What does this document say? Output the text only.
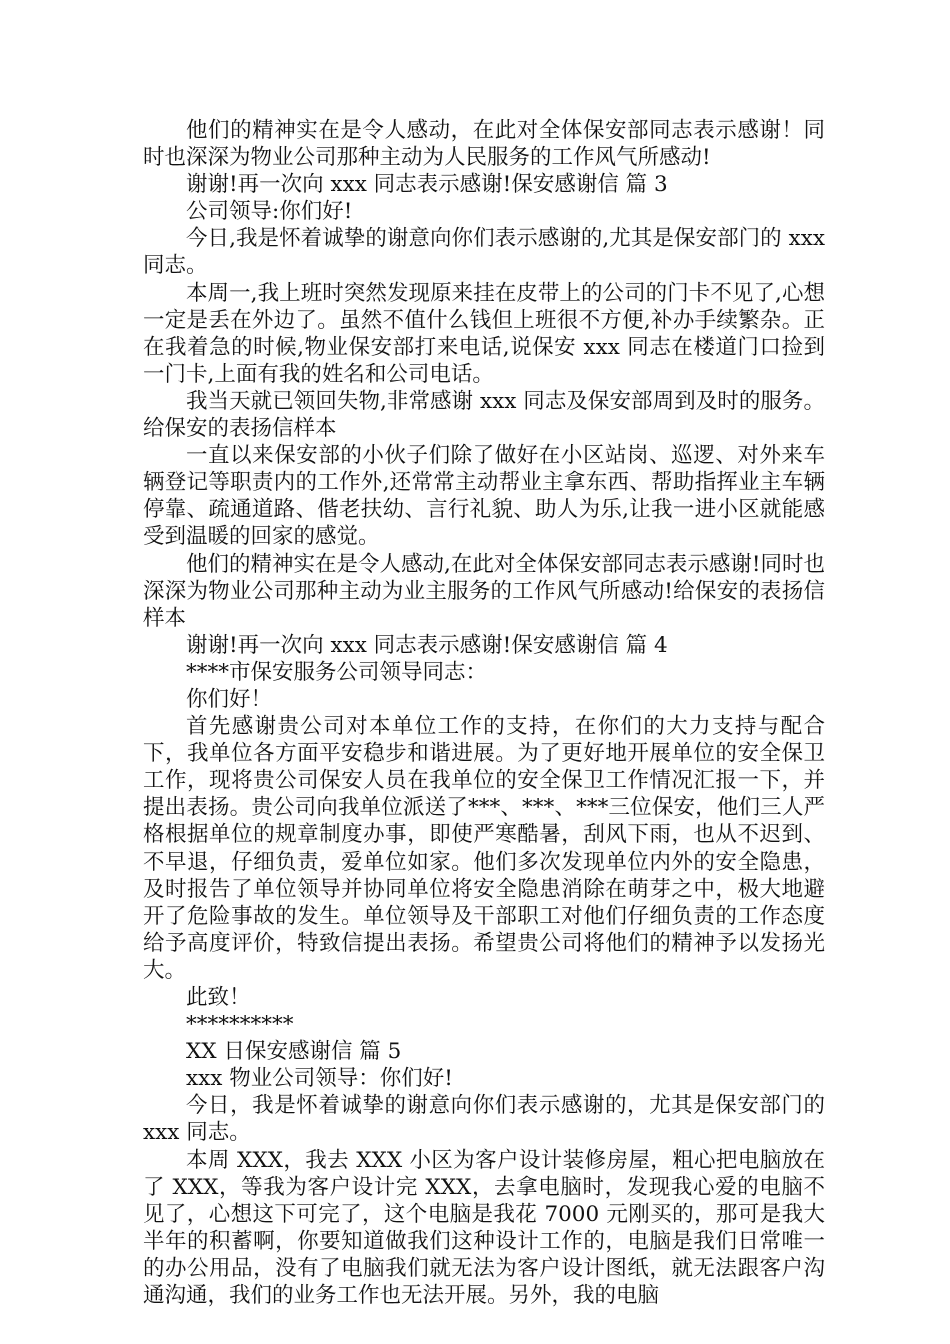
他们的精神实在是令人感动，在此对全体保安部同志表示感谢！同时也深深为物业公司那种主动为人民服务的工作风气所感动!

谢谢!再一次向 xxx 同志表示感谢!保安感谢信 篇 3

公司领导:你们好!

今日,我是怀着诚挚的谢意向你们表示感谢的,尤其是保安部门的 xxx 同志。

本周一,我上班时突然发现原来挂在皮带上的公司的门卡不见了,心想一定是丢在外边了。虽然不值什么钱但上班很不方便,补办手续繁杂。正在我着急的时候,物业保安部打来电话,说保安 xxx 同志在楼道门口捡到一门卡,上面有我的姓名和公司电话。

我当天就已领回失物,非常感谢 xxx 同志及保安部周到及时的服务。给保安的表扬信样本

一直以来保安部的小伙子们除了做好在小区站岗、巡逻、对外来车辆登记等职责内的工作外,还常常主动帮业主拿东西、帮助指挥业主车辆停靠、疏通道路、偕老扶幼、言行礼貌、助人为乐,让我一进小区就能感受到温暖的回家的感觉。

他们的精神实在是令人感动,在此对全体保安部同志表示感谢!同时也深深为物业公司那种主动为业主服务的工作风气所感动!给保安的表扬信样本

谢谢!再一次向 xxx 同志表示感谢!保安感谢信 篇 4

****市保安服务公司领导同志：

你们好！

首先感谢贵公司对本单位工作的支持，在你们的大力支持与配合下，我单位各方面平安稳步和谐进展。为了更好地开展单位的安全保卫工作，现将贵公司保安人员在我单位的安全保卫工作情况汇报一下，并提出表扬。贵公司向我单位派送了***、***、***三位保安，他们三人严格根据单位的规章制度办事，即使严寒酷暑，刮风下雨，也从不迟到、不早退，仔细负责，爱单位如家。他们多次发现单位内外的安全隐患，及时报告了单位领导并协同单位将安全隐患消除在萌芽之中，极大地避开了危险事故的发生。单位领导及干部职工对他们仔细负责的工作态度给予高度评价，特致信提出表扬。希望贵公司将他们的精神予以发扬光大。

此致！

**********

XX 日保安感谢信 篇 5

xxx 物业公司领导：你们好!

今日，我是怀着诚挚的谢意向你们表示感谢的，尤其是保安部门的 xxx 同志。

本周 XXX，我去 XXX 小区为客户设计装修房屋，粗心把电脑放在了 XXX，等我为客户设计完 XXX，去拿电脑时，发现我心爱的电脑不见了，心想这下可完了，这个电脑是我花 7000 元刚买的，那可是我大半年的积蓄啊，你要知道做我们这种设计工作的，电脑是我们日常唯一的办公用品，没有了电脑我们就无法为客户设计图纸，就无法跟客户沟通沟通，我们的业务工作也无法开展。另外，我的电脑
